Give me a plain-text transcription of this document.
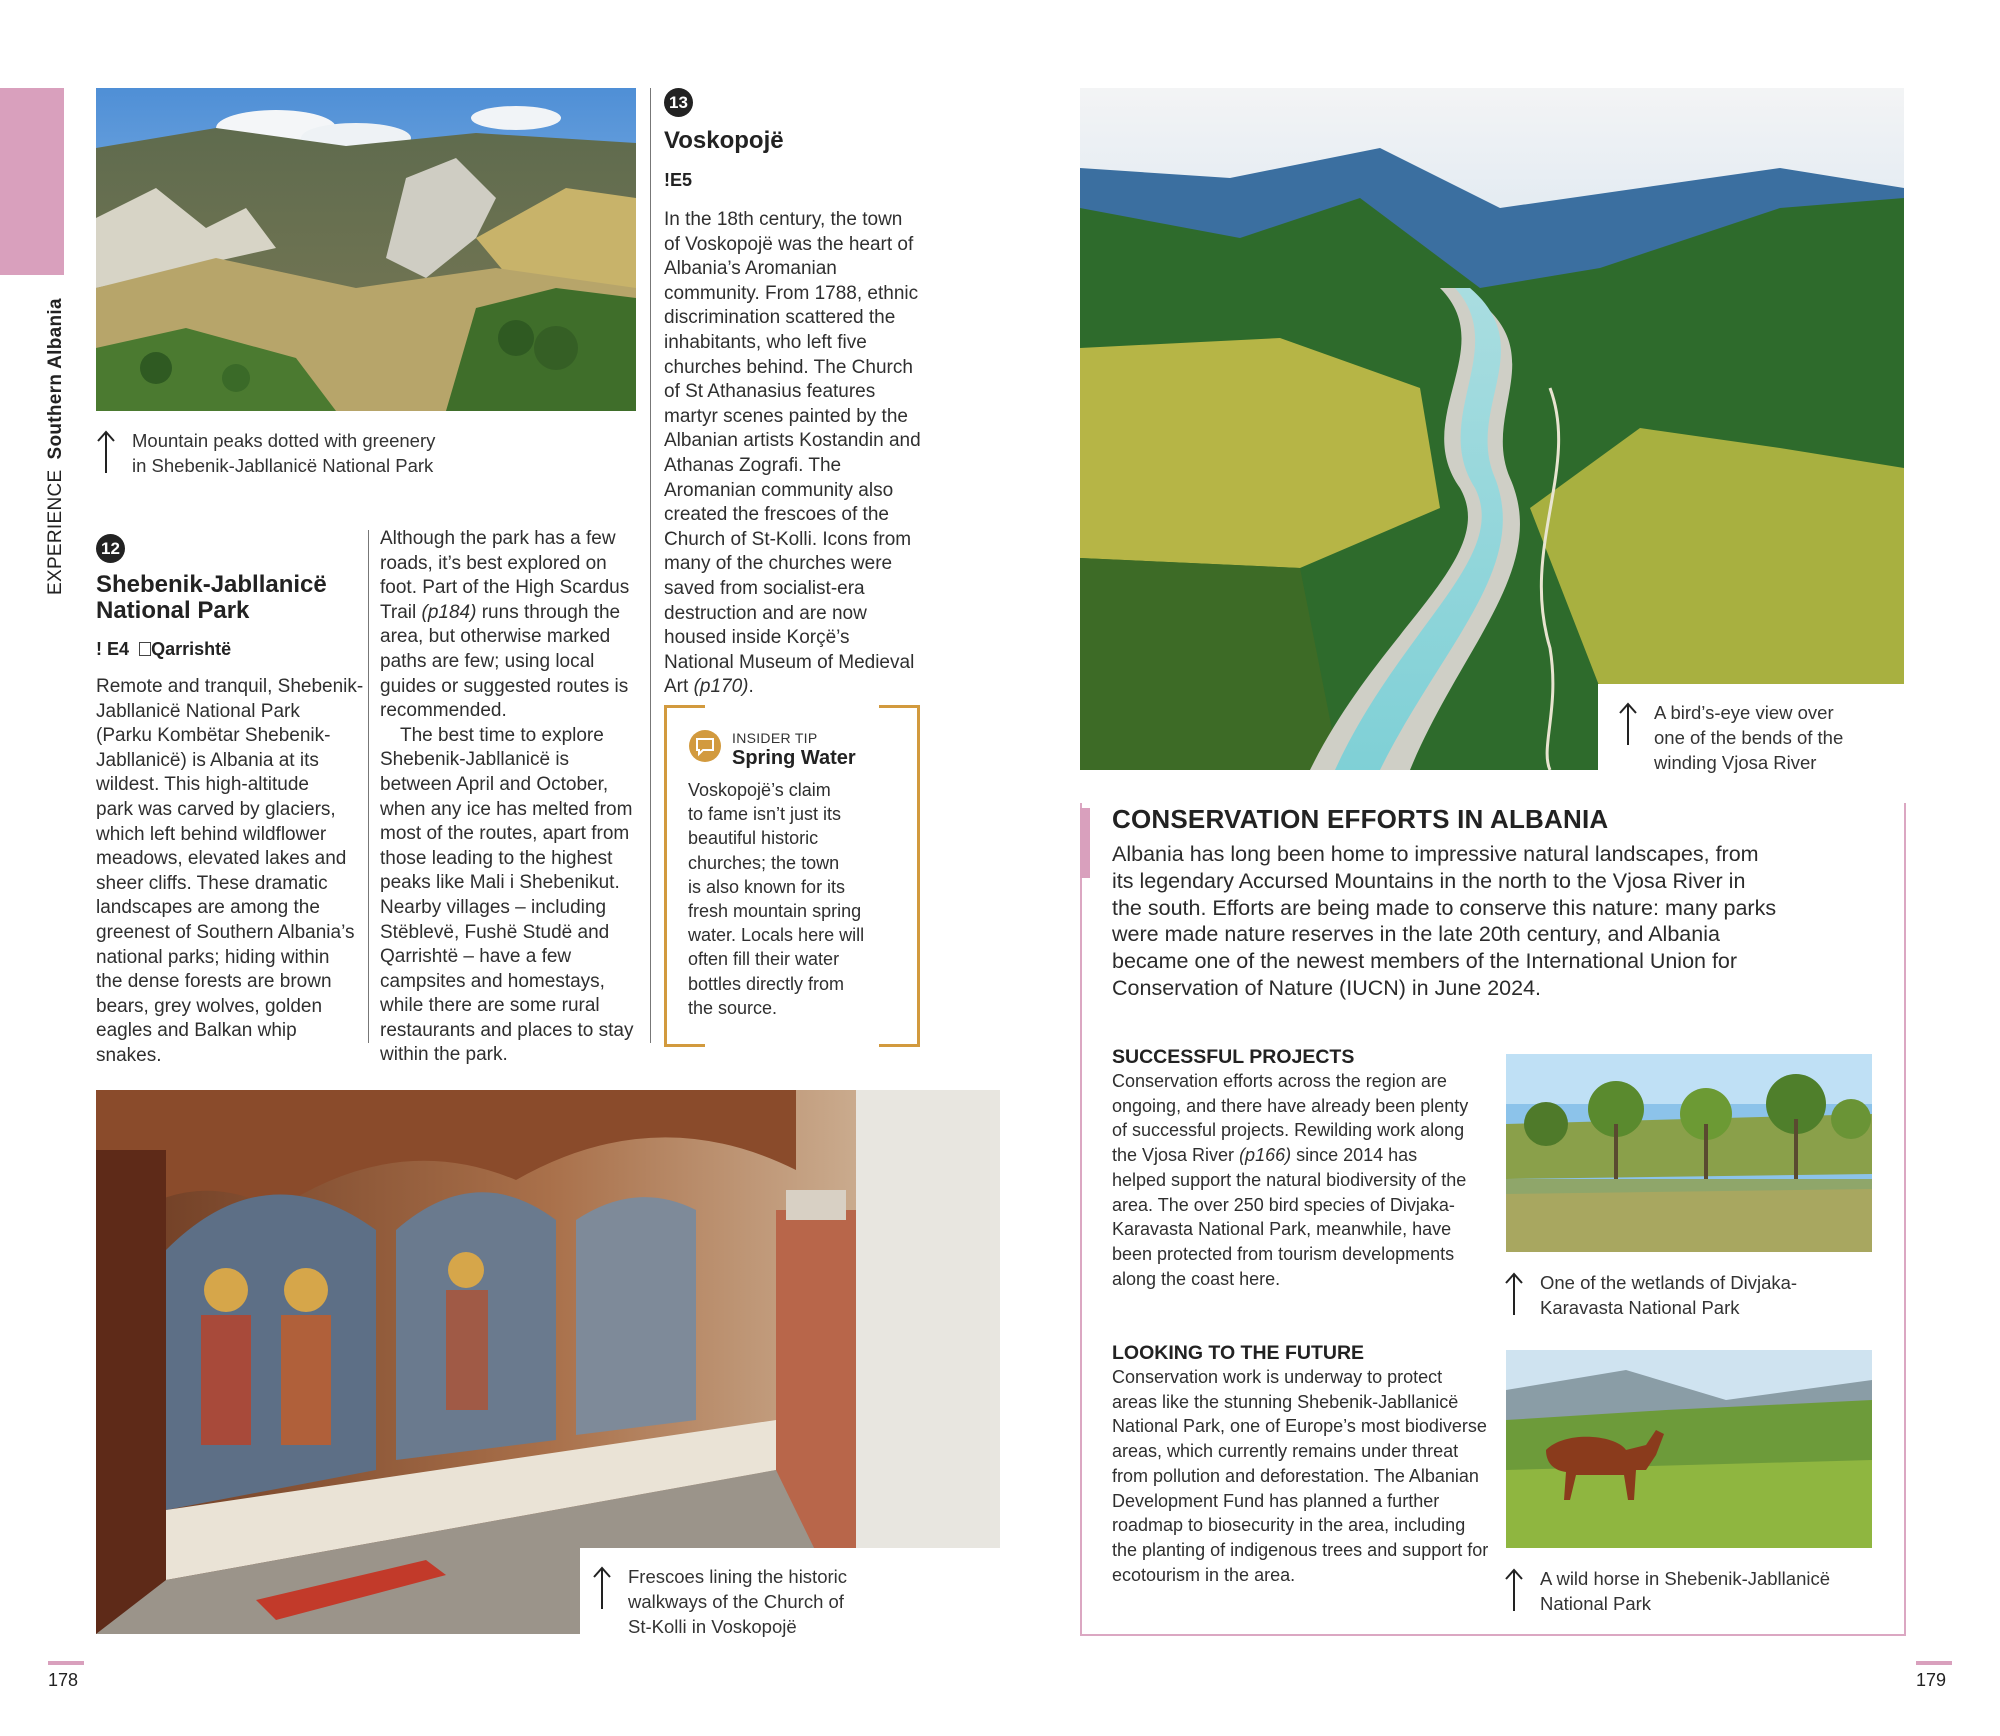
EXPERIENCESouthern Albania	Mountain peaks dotted with greenery
in Shebenik-Jabllanicë National Park
12
Shebenik-Jabllanicë
National Park
! E4 Qarrishtë

Remote and tranquil, Shebenik-
Jabllanicë National Park
(Parku Kombëtar Shebenik-
Jabllanicë) is Albania at its
wildest. This high-altitude
park was carved by glaciers,
which left behind wildflower
meadows, elevated lakes and
sheer cliffs. These dramatic
landscapes are among the
greenest of Southern Albania’s
national parks; hiding within
the dense forests are brown
bears, grey wolves, golden
eagles and Balkan whip snakes.

Although the park has a few roads, it’s best explored on foot. Part of the High Scardus Trail (p184) runs through the area, but otherwise marked paths are few; using local guides or suggested routes is recommended.

The best time to explore Shebenik-Jabllanicë is between April and October, when any ice has melted from most of the routes, apart from those leading to the highest peaks like Mali i Shebenikut. Nearby villages – including Stëblevë, Fushë Studë and Qarrishtë – have a few campsites and homestays, while there are some rural restaurants and places to stay within the park.

13
Voskopojë
!E5

In the 18th century, the town of Voskopojë was the heart of Albania’s Aromanian community. From 1788, ethnic discrimination scattered the inhabitants, who left five churches behind. The Church of St Athanasius features martyr scenes painted by the Albanian artists Kostandin and Athanas Zografi. The Aromanian community also created the frescoes of the Church of St-Kolli. Icons from many of the churches were saved from socialist-era destruction and are now housed inside Korçë’s National Museum of Medieval Art (p170).

INSIDER TIP
Spring Water

Voskopojë’s claim
to fame isn’t just its
beautiful historic
churches; the town
is also known for its
fresh mountain spring
water. Locals here will
often fill their water
bottles directly from
the source.

Frescoes lining the historic
walkways of the Church of
St-Kolli in Voskopojë
178
A bird’s-eye view over
one of the bends of the
winding Vjosa River
CONSERVATION EFFORTS IN ALBANIA

Albania has long been home to impressive natural landscapes, from
its legendary Accursed Mountains in the north to the Vjosa River in
the south. Efforts are being made to conserve this nature: many parks
were made nature reserves in the late 20th century, and Albania
became one of the newest members of the International Union for
Conservation of Nature (IUCN) in June 2024.

SUCCESSFUL PROJECTS

Conservation efforts across the region are ongoing, and there have already been plenty of successful projects. Rewilding work along the Vjosa River (p166) since 2014 has helped support the natural biodiversity of the area. The over 250 bird species of Divjaka-Karavasta National Park, meanwhile, have been protected from tourism developments along the coast here.

LOOKING TO THE FUTURE

Conservation work is underway to protect areas like the stunning Shebenik-Jabllanicë National Park, one of Europe’s most biodiverse areas, which currently remains under threat from pollution and deforestation. The Albanian Development Fund has planned a further roadmap to biosecurity in the area, including the planting of indigenous trees and support for ecotourism in the area.

One of the wetlands of Divjaka-
Karavasta National Park
A wild horse in Shebenik-Jabllanicë
National Park
179
